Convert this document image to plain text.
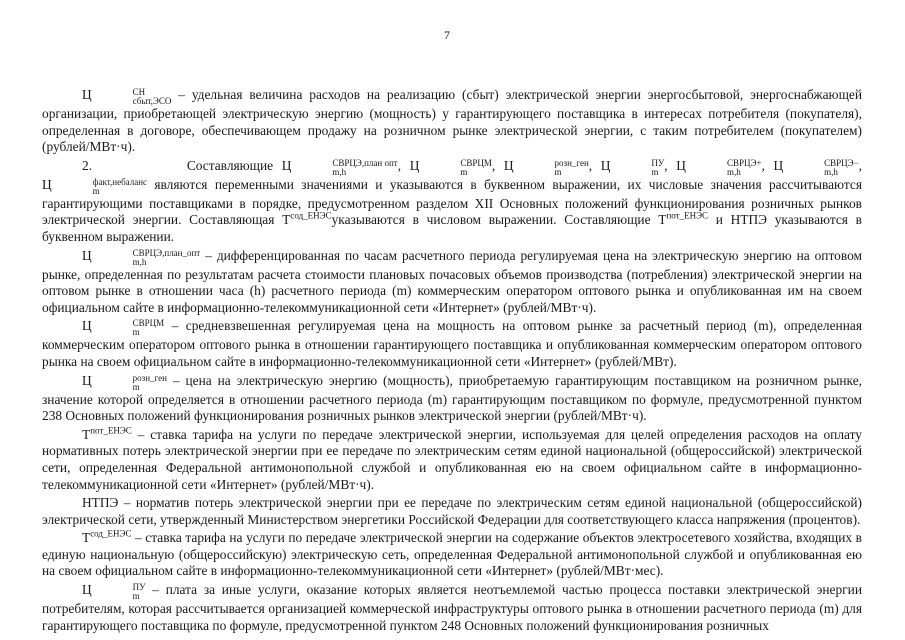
7

Ц	СН
сбыт,ЭСО – удельная величина расходов на реализацию (сбыт) электрической энергии энергосбытовой, энергоснабжающей организации, приобретающей электрическую энергию (мощность) у гарантирующего поставщика в интересах потребителя (покупателя), определенная в договоре, обеспечивающем продажу на розничном рынке электрической энергии, с таким потребителем (покупателем) (рублей/МВт·ч).

2.	Составляющие Ц	СВРЦЭ,план опт
m,h	, Ц	СВРЦМ
m	, Ц	розн_ген
m	, Ц	ПУ
m , Ц	СВРЦЭ+
m,h	, Ц	СВРЦЭ−
m,h	, Ц	факт,небаланс
m	являются переменными значениями и указываются в буквенном выражении, их числовые значения рассчитываются гарантирующими поставщиками в порядке, предусмотренном разделом XII Основных положений функционирования розничных рынков электрической энергии. Составляющая $Т^{сод\_ЕНЭС}указываются$ в числовом выражении. Составляющие $Т^{пот\_ЕНЭС}$ и НТПЭ указываются в буквенном выражении.

Ц	СВРЦЭ,план_опт
m,h	– дифференцированная по часам расчетного периода регулируемая цена на электрическую энергию на оптовом рынке, определенная по результатам расчета стоимости плановых почасовых объемов производства (потребления) электрической энергии на оптовом рынке в отношении часа (h) расчетного периода (m) коммерческим оператором оптового рынка и опубликованная им на своем официальном сайте в информационно-телекоммуникационной сети «Интернет» (рублей/МВт·ч).

Ц	СВРЦМ
m	– средневзвешенная регулируемая цена на мощность на оптовом рынке за расчетный период (m), определенная коммерческим оператором оптового рынка в отношении гарантирующего поставщика и опубликованная коммерческим оператором оптового рынка на своем официальном сайте в информационно-телекоммуникационной сети «Интернет» (рублей/МВт).

Ц	розн_ген
m	– цена на электрическую энергию (мощность), приобретаемую гарантирующим поставщиком на розничном рынке, значение которой определяется в отношении расчетного периода (m) гарантирующим поставщиком по формуле, предусмотренной пунктом 238 Основных положений функционирования розничных рынков электрической энергии (рублей/МВт·ч).

$Т^{пот\_ЕНЭС}$ – ставка тарифа на услуги по передаче электрической энергии, используемая для целей определения расходов на оплату нормативных потерь электрической энергии при ее передаче по электрическим сетям единой национальной (общероссийской) электрической сети, определенная Федеральной антимонопольной службой и опубликованная ею на своем официальном сайте в информационно-телекоммуникационной сети «Интернет» (рублей/МВт·ч).

НТПЭ – норматив потерь электрической энергии при ее передаче по электрическим сетям единой национальной (общероссийской) электрической сети, утвержденный Министерством энергетики Российской Федерации для соответствующего класса напряжения (процентов).

$Т^{сод\_ЕНЭС}$ – ставка тарифа на услуги по передаче электрической энергии на содержание объектов электросетевого хозяйства, входящих в единую национальную (общероссийскую) электрическую сеть, определенная Федеральной антимонопольной службой и опубликованная ею на своем официальном сайте в информационно-телекоммуникационной сети «Интернет» (рублей/МВт·мес).

Ц	ПУ
m – плата за иные услуги, оказание которых является неотъемлемой частью процесса поставки электрической энергии потребителям, которая рассчитывается организацией коммерческой инфраструктуры оптового рынка в отношении расчетного периода (m) для гарантирующего поставщика по формуле, предусмотренной пунктом 248 Основных положений функционирования розничных
